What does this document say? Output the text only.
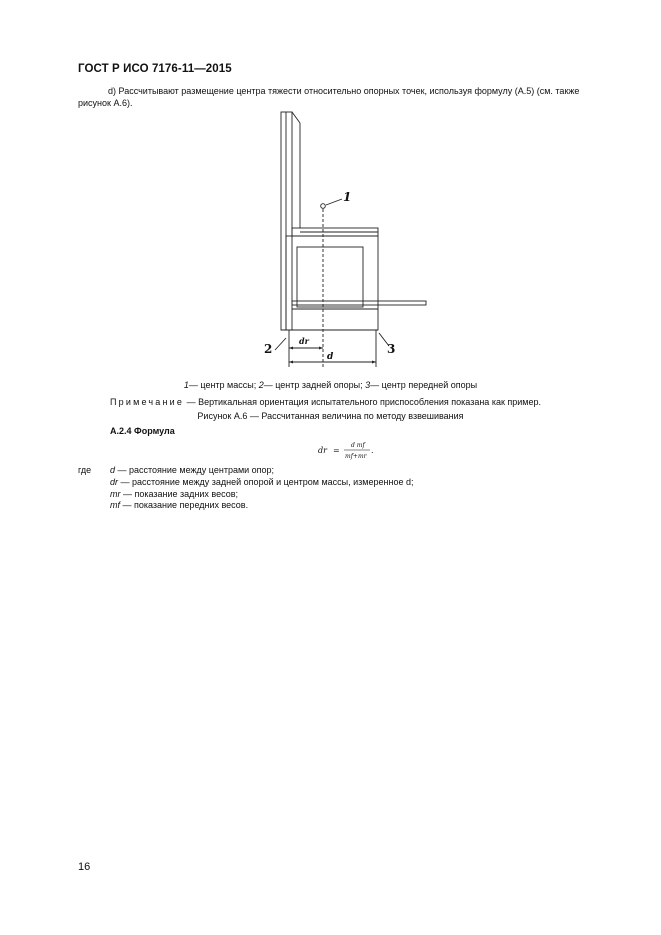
ГОСТ Р ИСО 7176-11—2015
d) Рассчитывают размещение центра тяжести относительно опорных точек, используя формулу (А.5) (см. также рисунок А.6).
1
2	3
dr
d
1— центр массы; 2— центр задней опоры; 3— центр передней опоры
Примечание — Вертикальная ориентация испытательного приспособления показана как пример.
Рисунок А.6 — Рассчитанная величина по методу взвешивания
А.2.4 Формула
dr =
d mf
mf+mr
.
где d — расстояние между центрами опор;
dr — расстояние между задней опорой и центром массы, измеренное d;
mr — показание задних весов;
mf — показание передних весов.
16
